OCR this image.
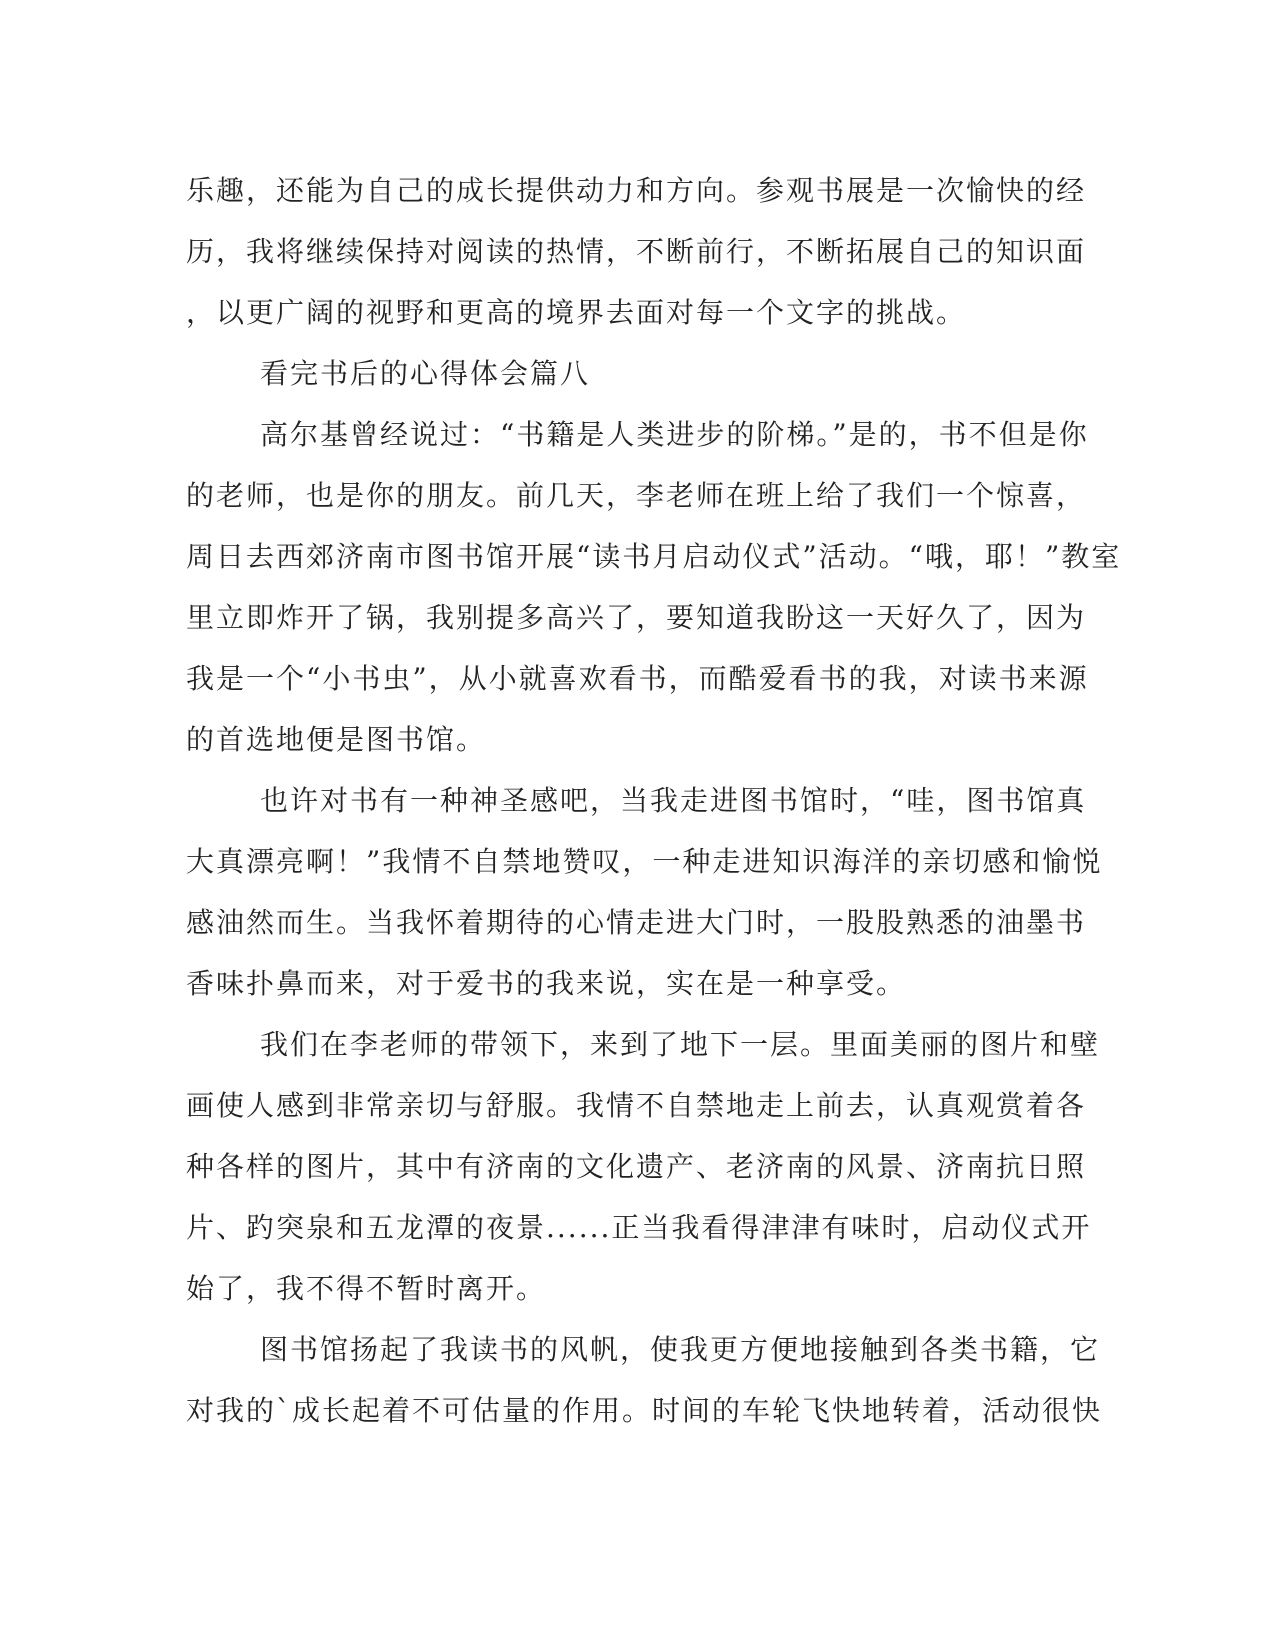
乐趣，还能为自己的成长提供动力和方向。参观书展是一次愉快的经
历，我将继续保持对阅读的热情，不断前行，不断拓展自己的知识面
，以更广阔的视野和更高的境界去面对每一个文字的挑战。
看完书后的心得体会篇八
高尔基曾经说过：“书籍是人类进步的阶梯。”是的，书不但是你
的老师，也是你的朋友。前几天，李老师在班上给了我们一个惊喜，
周日去西郊济南市图书馆开展“读书月启动仪式”活动。“哦，耶！”教室
里立即炸开了锅，我别提多高兴了，要知道我盼这一天好久了，因为
我是一个“小书虫”，从小就喜欢看书，而酷爱看书的我，对读书来源
的首选地便是图书馆。
也许对书有一种神圣感吧，当我走进图书馆时，“哇，图书馆真
大真漂亮啊！”我情不自禁地赞叹，一种走进知识海洋的亲切感和愉悦
感油然而生。当我怀着期待的心情走进大门时，一股股熟悉的油墨书
香味扑鼻而来，对于爱书的我来说，实在是一种享受。
我们在李老师的带领下，来到了地下一层。里面美丽的图片和壁
画使人感到非常亲切与舒服。我情不自禁地走上前去，认真观赏着各
种各样的图片，其中有济南的文化遗产、老济南的风景、济南抗日照
片、趵突泉和五龙潭的夜景......正当我看得津津有味时，启动仪式开
始了，我不得不暂时离开。
图书馆扬起了我读书的风帆，使我更方便地接触到各类书籍，它
对我的`成长起着不可估量的作用。时间的车轮飞快地转着，活动很快
